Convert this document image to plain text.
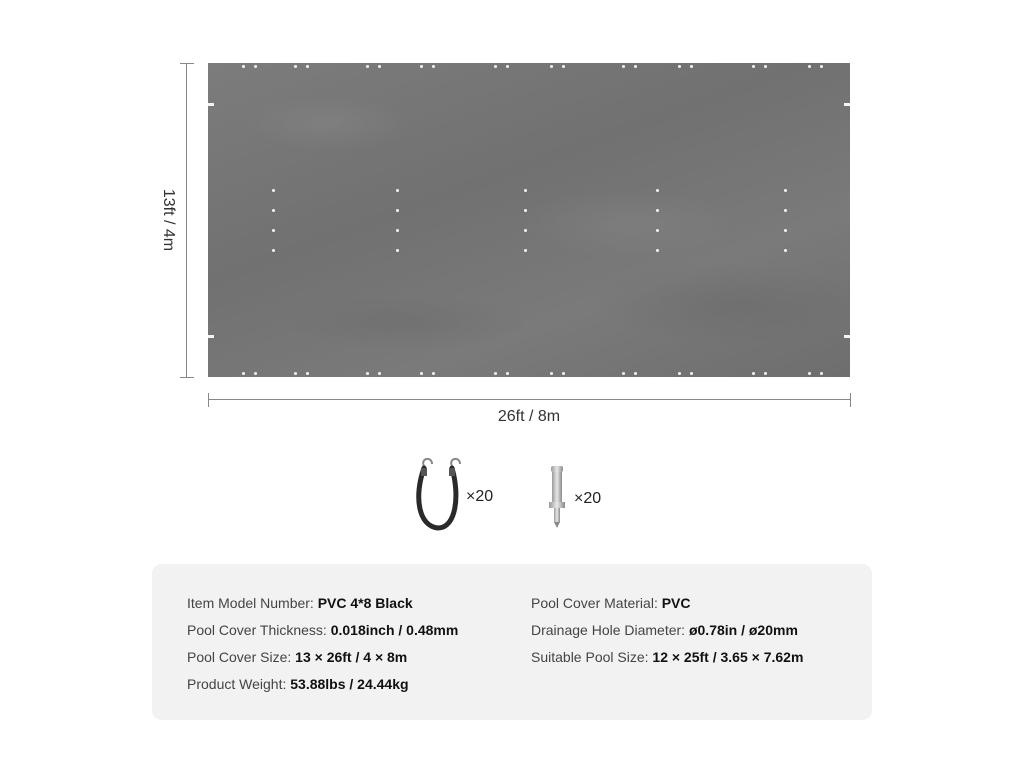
13ft / 4m
26ft / 8m
×20	×20
Item Model Number: PVC 4*8 Black
Pool Cover Thickness: 0.018inch / 0.48mm
Pool Cover Size: 13 × 26ft / 4 × 8m
Product Weight: 53.88lbs / 24.44kg
Pool Cover Material: PVC
Drainage Hole Diameter: ø0.78in / ø20mm
Suitable Pool Size: 12 × 25ft / 3.65 × 7.62m
